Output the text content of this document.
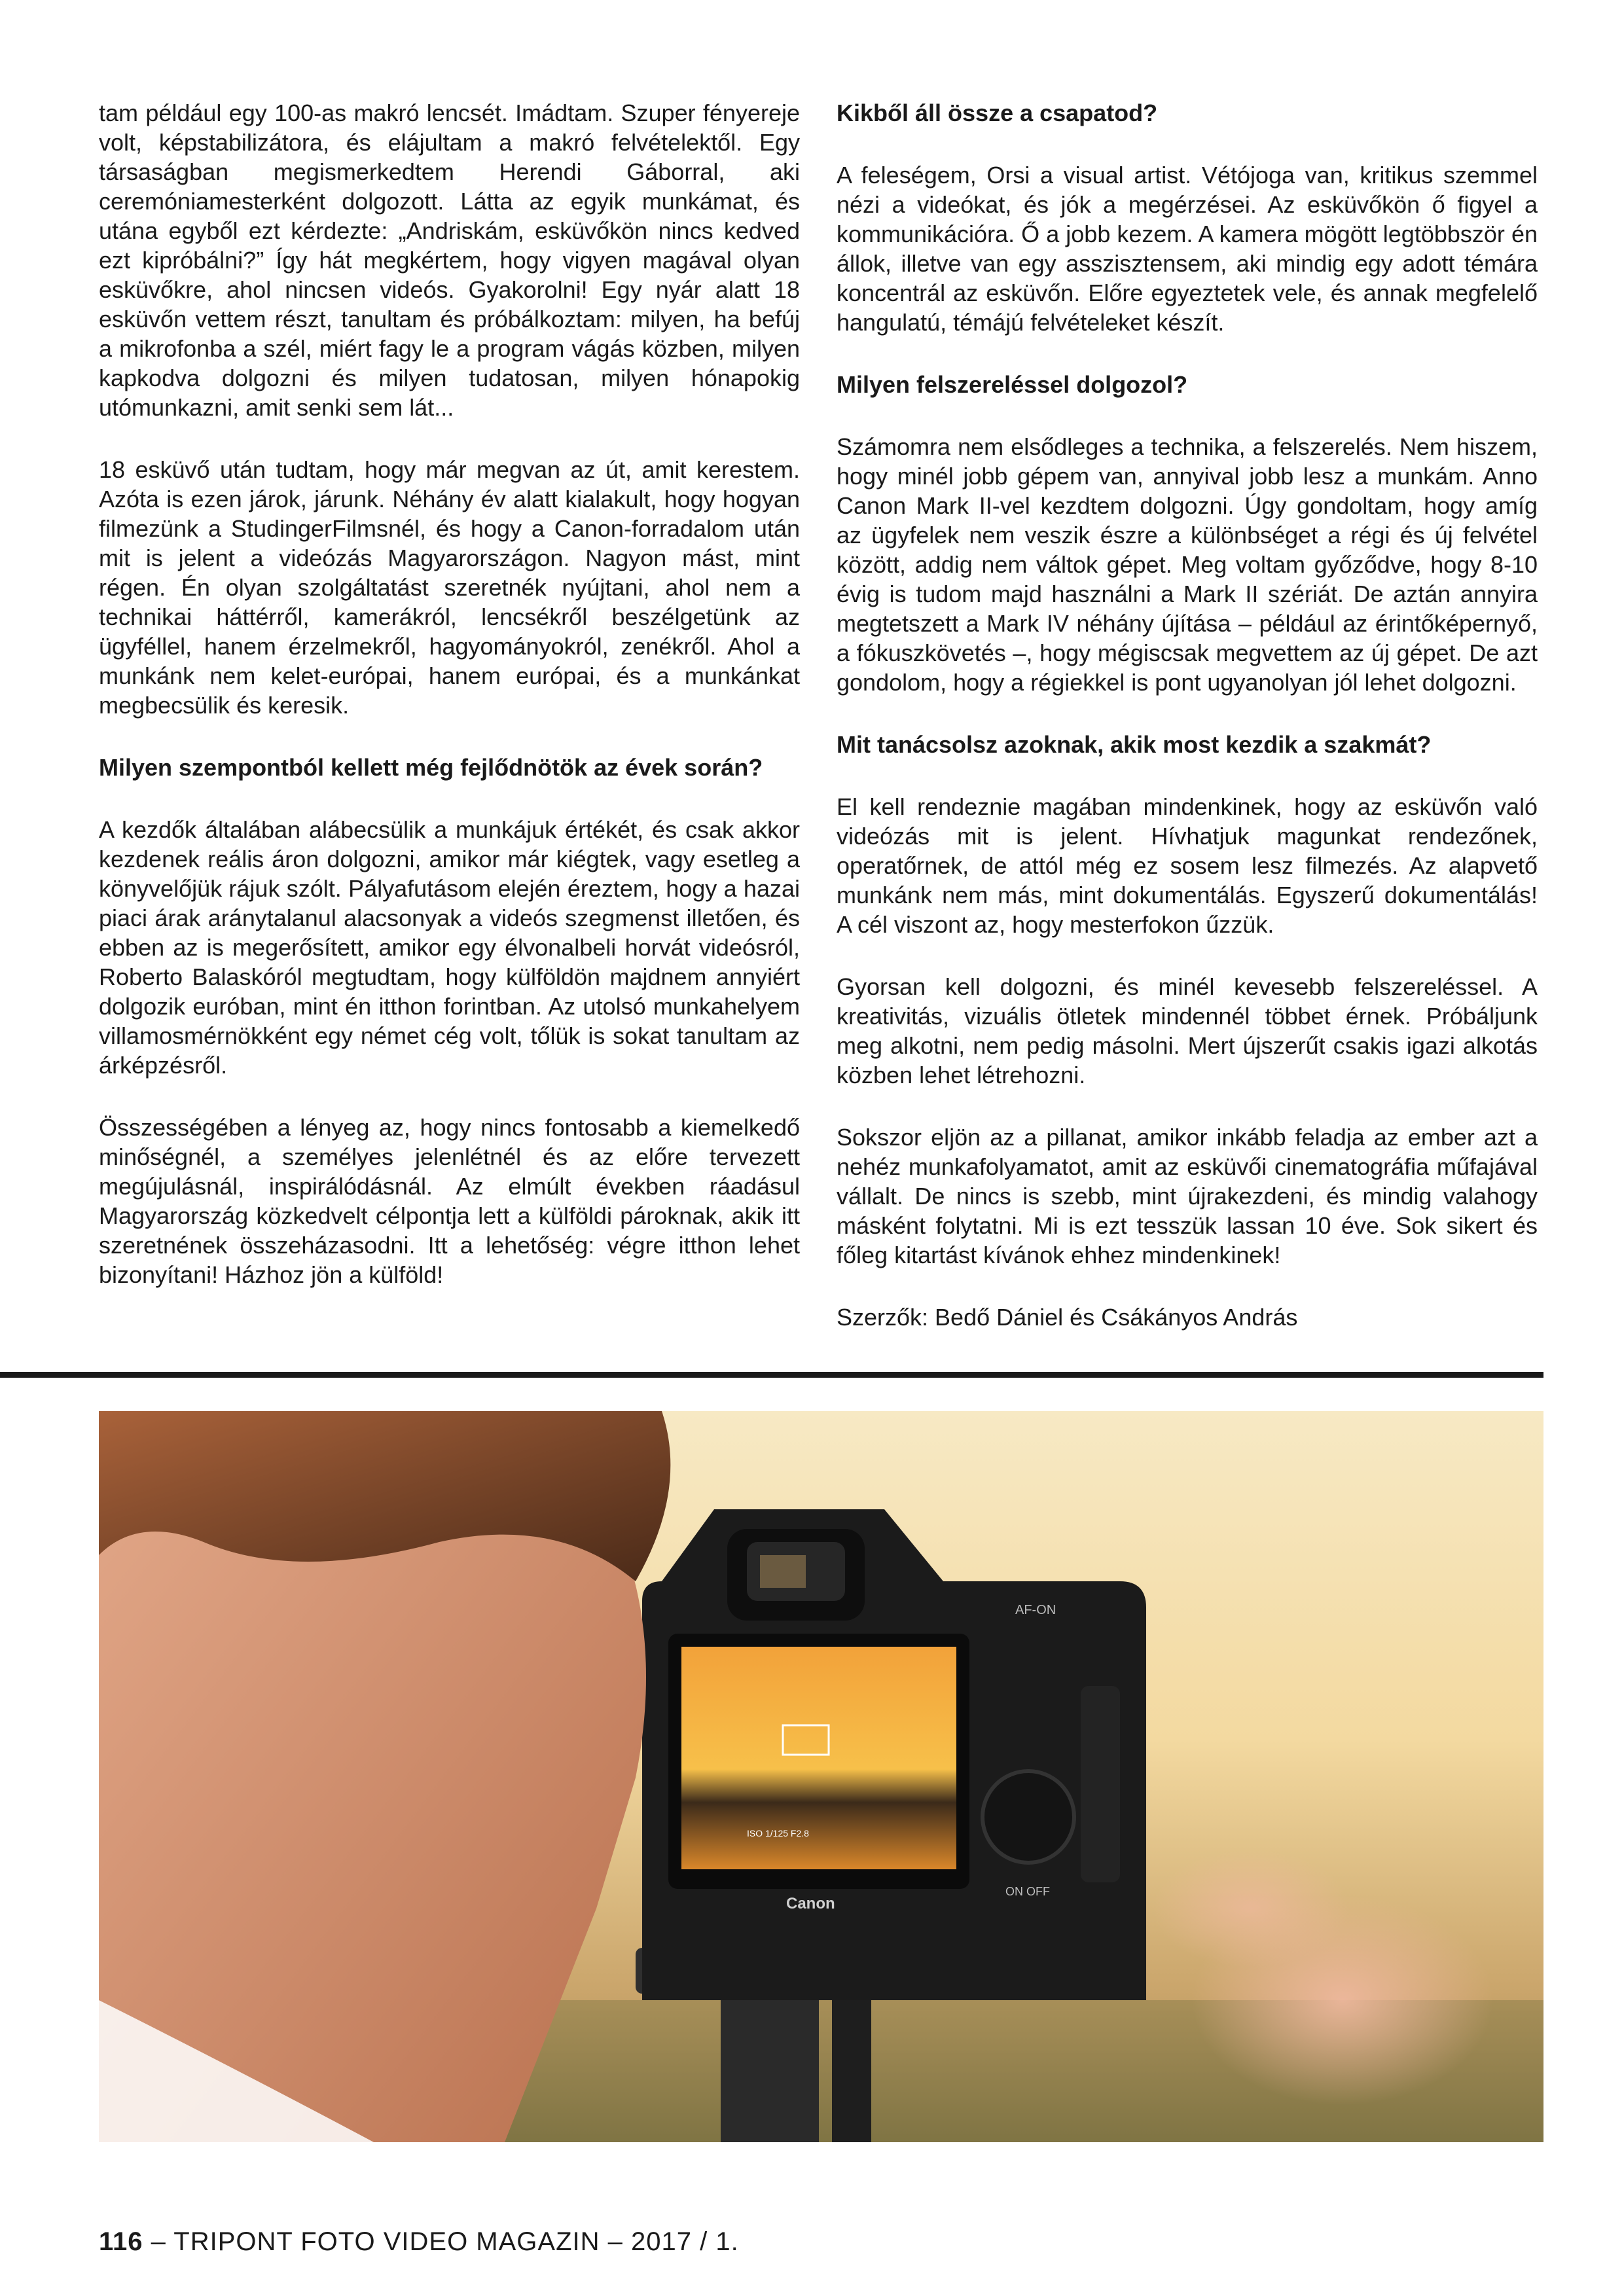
tam például egy 100-as makró lencsét. Imádtam. Szuper fényereje volt, képstabilizátora, és elájultam a makró felvételektől. Egy társaságban megismerkedtem Herendi Gáborral, aki ceremóniamesterként dolgozott. Látta az egyik munkámat, és utána egyből ezt kérdezte: „Andriskám, esküvőkön nincs kedved ezt kipróbálni?” Így hát megkértem, hogy vigyen magával olyan esküvőkre, ahol nincsen videós. Gyakorolni! Egy nyár alatt 18 esküvőn vettem részt, tanultam és próbálkoztam: milyen, ha befúj a mikrofonba a szél, miért fagy le a program vágás közben, milyen kapkodva dolgozni és milyen tudatosan, milyen hónapokig utómunkazni, amit senki sem lát...

18 esküvő után tudtam, hogy már megvan az út, amit kerestem. Azóta is ezen járok, járunk. Néhány év alatt kialakult, hogy hogyan filmezünk a StudingerFilmsnél, és hogy a Canon-forradalom után mit is jelent a videózás Magyarországon. Nagyon mást, mint régen. Én olyan szolgáltatást szeretnék nyújtani, ahol nem a technikai háttérről, kamerákról, lencsékről beszélgetünk az ügyféllel, hanem érzelmekről, hagyományokról, zenékről. Ahol a munkánk nem kelet-európai, hanem európai, és a munkánkat megbecsülik és keresik.

Milyen szempontból kellett még fejlődnötök az évek során?

A kezdők általában alábecsülik a munkájuk értékét, és csak akkor kezdenek reális áron dolgozni, amikor már kiégtek, vagy esetleg a könyvelőjük rájuk szólt. Pályafutásom elején éreztem, hogy a hazai piaci árak aránytalanul alacsonyak a videós szegmenst illetően, és ebben az is megerősített, amikor egy élvonalbeli horvát videósról, Roberto Balaskóról megtudtam, hogy külföldön majdnem annyiért dolgozik euróban, mint én itthon forintban. Az utolsó munkahelyem villamosmérnökként egy német cég volt, tőlük is sokat tanultam az árképzésről.

Összességében a lényeg az, hogy nincs fontosabb a kiemelkedő minőségnél, a személyes jelenlétnél és az előre tervezett megújulásnál, inspirálódásnál. Az elmúlt években ráadásul Magyarország közkedvelt célpontja lett a külföldi pároknak, akik itt szeretnének összeházasodni. Itt a lehetőség: végre itthon lehet bizonyítani! Házhoz jön a külföld!

Kikből áll össze a csapatod?

A feleségem, Orsi a visual artist. Vétójoga van, kritikus szemmel nézi a videókat, és jók a megérzései. Az esküvőkön ő figyel a kommunikációra. Ő a jobb kezem. A kamera mögött legtöbbször én állok, illetve van egy asszisztensem, aki mindig egy adott témára koncentrál az esküvőn. Előre egyeztetek vele, és annak megfelelő hangulatú, témájú felvételeket készít.

Milyen felszereléssel dolgozol?

Számomra nem elsődleges a technika, a felszerelés. Nem hiszem, hogy minél jobb gépem van, annyival jobb lesz a munkám. Anno Canon Mark II-vel kezdtem dolgozni. Úgy gondoltam, hogy amíg az ügyfelek nem veszik észre a különbséget a régi és új felvétel között, addig nem váltok gépet. Meg voltam győződve, hogy 8-10 évig is tudom majd használni a Mark II szériát. De aztán annyira megtetszett a Mark IV néhány újítása – például az érintőképernyő, a fókuszkövetés –, hogy mégiscsak megvettem az új gépet. De azt gondolom, hogy a régiekkel is pont ugyanolyan jól lehet dolgozni.

Mit tanácsolsz azoknak, akik most kezdik a szakmát?

El kell rendeznie magában mindenkinek, hogy az esküvőn való videózás mit is jelent. Hívhatjuk magunkat rendezőnek, operatőrnek, de attól még ez sosem lesz filmezés. Az alapvető munkánk nem más, mint dokumentálás. Egyszerű dokumentálás! A cél viszont az, hogy mesterfokon űzzük.

Gyorsan kell dolgozni, és minél kevesebb felszereléssel. A kreativitás, vizuális ötletek mindennél többet érnek. Próbáljunk meg alkotni, nem pedig másolni. Mert újszerűt csakis igazi alkotás közben lehet létrehozni.

Sokszor eljön az a pillanat, amikor inkább feladja az ember azt a nehéz munkafolyamatot, amit az esküvői cinematográfia műfajával vállalt. De nincs is szebb, mint újrakezdeni, és mindig valahogy másként folytatni. Mi is ezt tesszük lassan 10 éve. Sok sikert és főleg kitartást kívánok ehhez mindenkinek!

Szerzők: Bedő Dániel és Csákányos András

ISO 1/125 F2.8
Canon
AF-ON
ON OFF
116 – TRIPONT FOTO VIDEO MAGAZIN – 2017 / 1.
